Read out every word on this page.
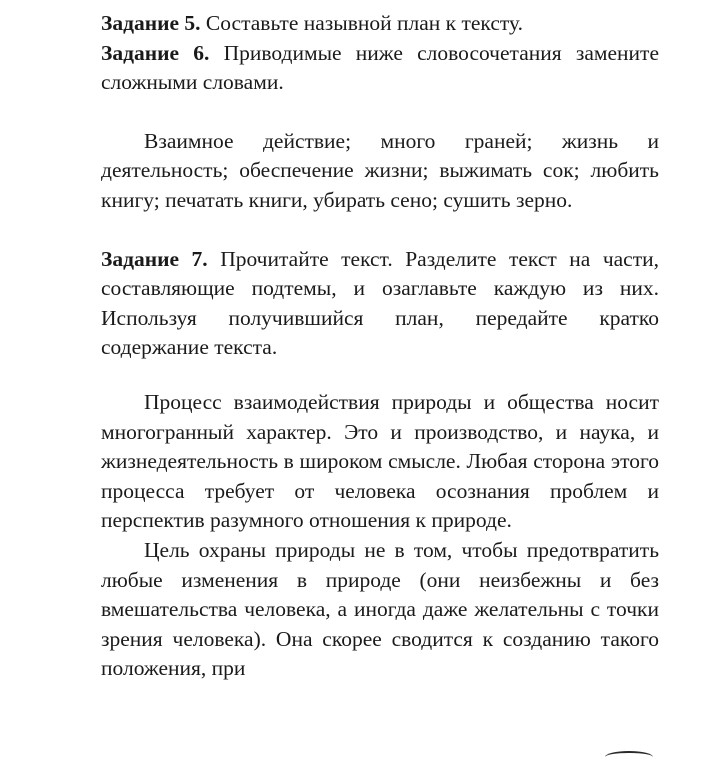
Задание 5. Составьте назывной план к тексту.

Задание 6. Приводимые ниже словосочетания замените сложными словами.

Взаимное действие; много граней; жизнь и деятельность; обеспечение жизни; выжимать сок; любить книгу; печатать книги, убирать сено; сушить зерно.

Задание 7. Прочитайте текст. Разделите текст на части, составляющие подтемы, и озаглавьте каждую из них. Используя получившийся план, передайте кратко содержание текста.

Процесс взаимодействия природы и общества носит многогранный характер. Это и производство, и наука, и жизнедеятельность в широком смысле. Любая сторона этого процесса требует от человека осознания проблем и перспектив разумного отношения к природе.

Цель охраны природы не в том, чтобы предотвратить любые изменения в природе (они неизбежны и без вмешательства человека, а иногда даже желательны с точки зрения человека). Она скорее сводится к созданию такого положения, при
